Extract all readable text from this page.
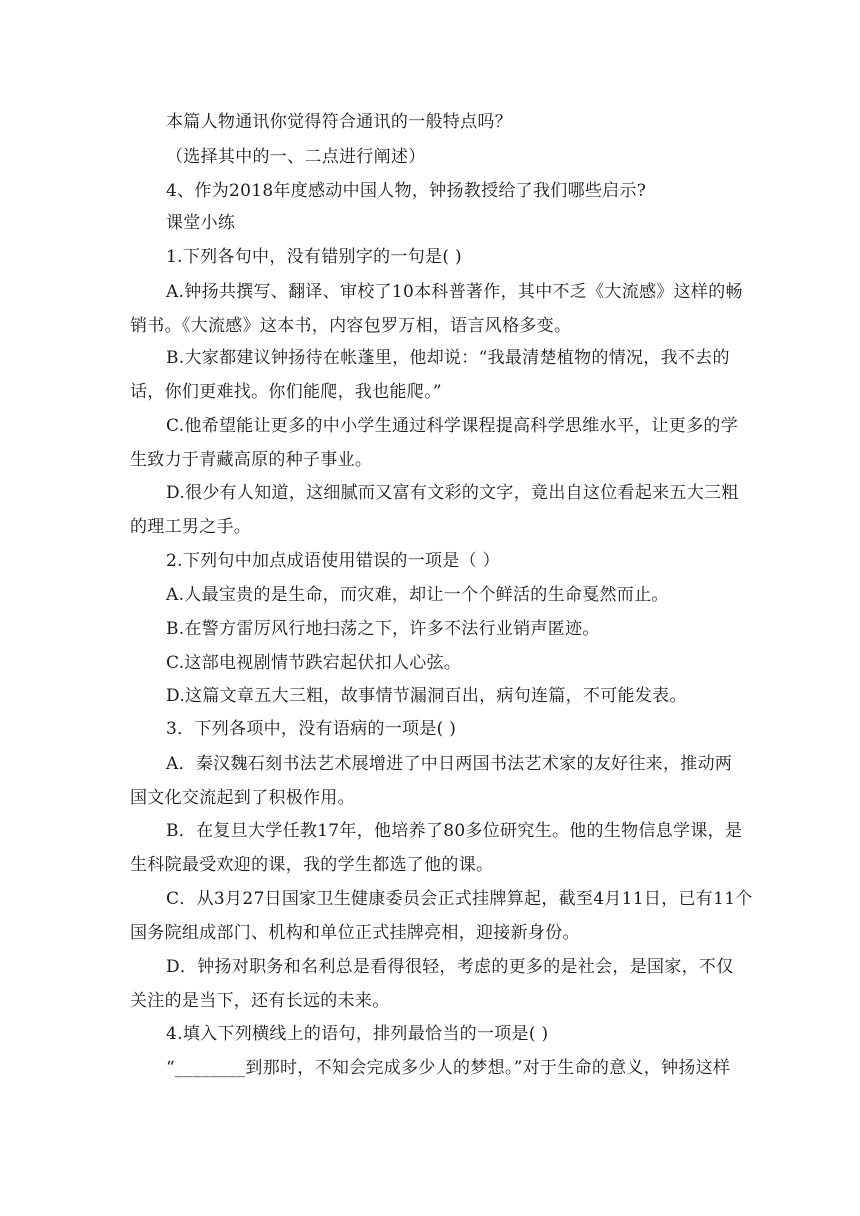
本篇人物通讯你觉得符合通讯的一般特点吗？
（选择其中的一、二点进行阐述）
4、作为2018年度感动中国人物，钟扬教授给了我们哪些启示?
课堂小练
1.下列各句中，没有错别字的一句是( )
A.钟扬共撰写、翻译、审校了10本科普著作，其中不乏《大流感》这样的畅
销书。《大流感》这本书，内容包罗万相，语言风格多变。
B.大家都建议钟扬待在帐蓬里，他却说：“我最清楚植物的情况，我不去的
话，你们更难找。你们能爬，我也能爬。”
C.他希望能让更多的中小学生通过科学课程提高科学思维水平，让更多的学
生致力于青藏高原的种子事业。
D.很少有人知道，这细腻而又富有文彩的文字，竟出自这位看起来五大三粗
的理工男之手。
2.下列句中加点成语使用错误的一项是（ ）
A.人最宝贵的是生命，而灾难，却让一个个鲜活的生命戛然而止。
B.在警方雷厉风行地扫荡之下，许多不法行业销声匿迹。
C.这部电视剧情节跌宕起伏扣人心弦。
D.这篇文章五大三粗，故事情节漏洞百出，病句连篇，不可能发表。
3．下列各项中，没有语病的一项是( )
A．秦汉魏石刻书法艺术展增进了中日两国书法艺术家的友好往来，推动两
国文化交流起到了积极作用。
B．在复旦大学任教17年，他培养了80多位研究生。他的生物信息学课，是
生科院最受欢迎的课，我的学生都选了他的课。
C．从3月27日国家卫生健康委员会正式挂牌算起，截至4月11日，已有11个
国务院组成部门、机构和单位正式挂牌亮相，迎接新身份。
D．钟扬对职务和名利总是看得很轻，考虑的更多的是社会，是国家，不仅
关注的是当下，还有长远的未来。
4.填入下列横线上的语句，排列最恰当的一项是( )
“________到那时，不知会完成多少人的梦想。”对于生命的意义，钟扬这样
